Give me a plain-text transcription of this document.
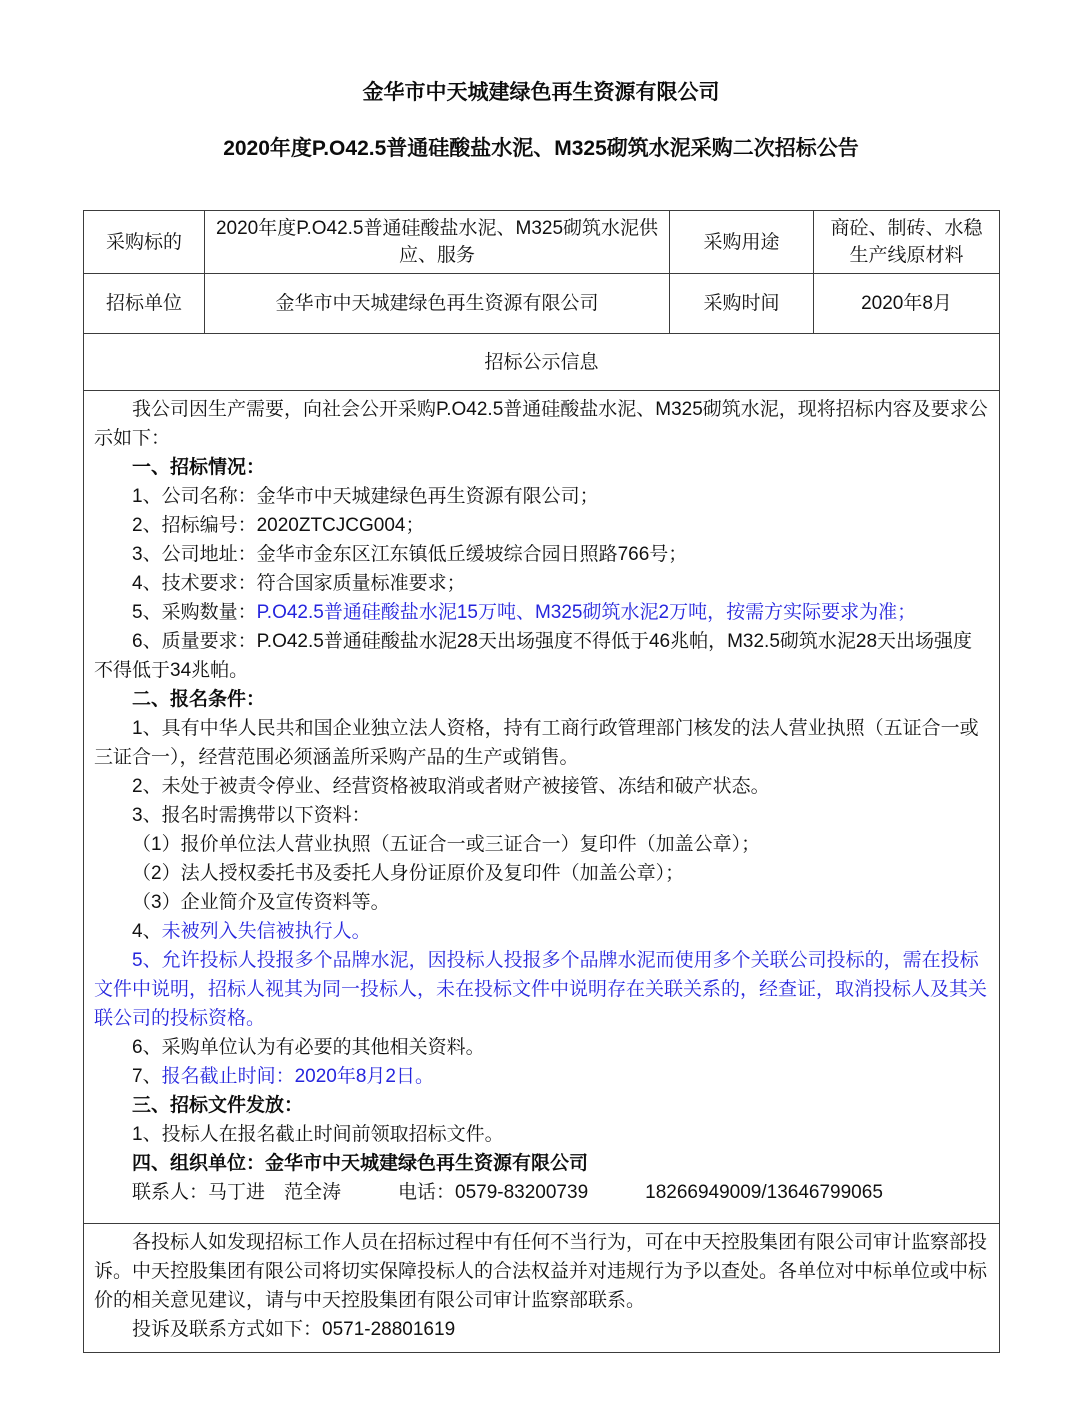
金华市中天城建绿色再生资源有限公司

2020年度P.O42.5普通硅酸盐水泥、M325砌筑水泥采购二次招标公告

采购标的	2020年度P.O42.5普通硅酸盐水泥、M325砌筑水泥供应、服务	采购用途	商砼、制砖、水稳生产线原材料
招标单位	金华市中天城建绿色再生资源有限公司	采购时间	2020年8月
招标公示信息			

我公司因生产需要，向社会公开采购P.O42.5普通硅酸盐水泥、M325砌筑水泥，现将招标内容及要求公示如下：

一、招标情况：

1、公司名称：金华市中天城建绿色再生资源有限公司；

2、招标编号：2020ZTCJCG004；

3、公司地址：金华市金东区江东镇低丘缓坡综合园日照路766号；

4、技术要求：符合国家质量标准要求；

5、采购数量：P.O42.5普通硅酸盐水泥15万吨、M325砌筑水泥2万吨，按需方实际要求为准；

6、质量要求：P.O42.5普通硅酸盐水泥28天出场强度不得低于46兆帕，M32.5砌筑水泥28天出场强度不得低于34兆帕。

二、报名条件：

1、具有中华人民共和国企业独立法人资格，持有工商行政管理部门核发的法人营业执照（五证合一或三证合一），经营范围必须涵盖所采购产品的生产或销售。

2、未处于被责令停业、经营资格被取消或者财产被接管、冻结和破产状态。

3、报名时需携带以下资料：

（1）报价单位法人营业执照（五证合一或三证合一）复印件（加盖公章）；

（2）法人授权委托书及委托人身份证原价及复印件（加盖公章）；

（3）企业简介及宣传资料等。

4、未被列入失信被执行人。

5、允许投标人投报多个品牌水泥，因投标人投报多个品牌水泥而使用多个关联公司投标的，需在投标文件中说明，招标人视其为同一投标人，未在投标文件中说明存在关联关系的，经查证，取消投标人及其关联公司的投标资格。

6、采购单位认为有必要的其他相关资料。

7、报名截止时间：2020年8月2日。

三、招标文件发放：

1、投标人在报名截止时间前领取招标文件。

四、组织单位：金华市中天城建绿色再生资源有限公司

联系人：马丁进　范全涛　　　电话：0579-83200739　　　18266949009/13646799065

各投标人如发现招标工作人员在招标过程中有任何不当行为，可在中天控股集团有限公司审计监察部投诉。中天控股集团有限公司将切实保障投标人的合法权益并对违规行为予以查处。各单位对中标单位或中标价的相关意见建议，请与中天控股集团有限公司审计监察部联系。

投诉及联系方式如下：0571-28801619			
